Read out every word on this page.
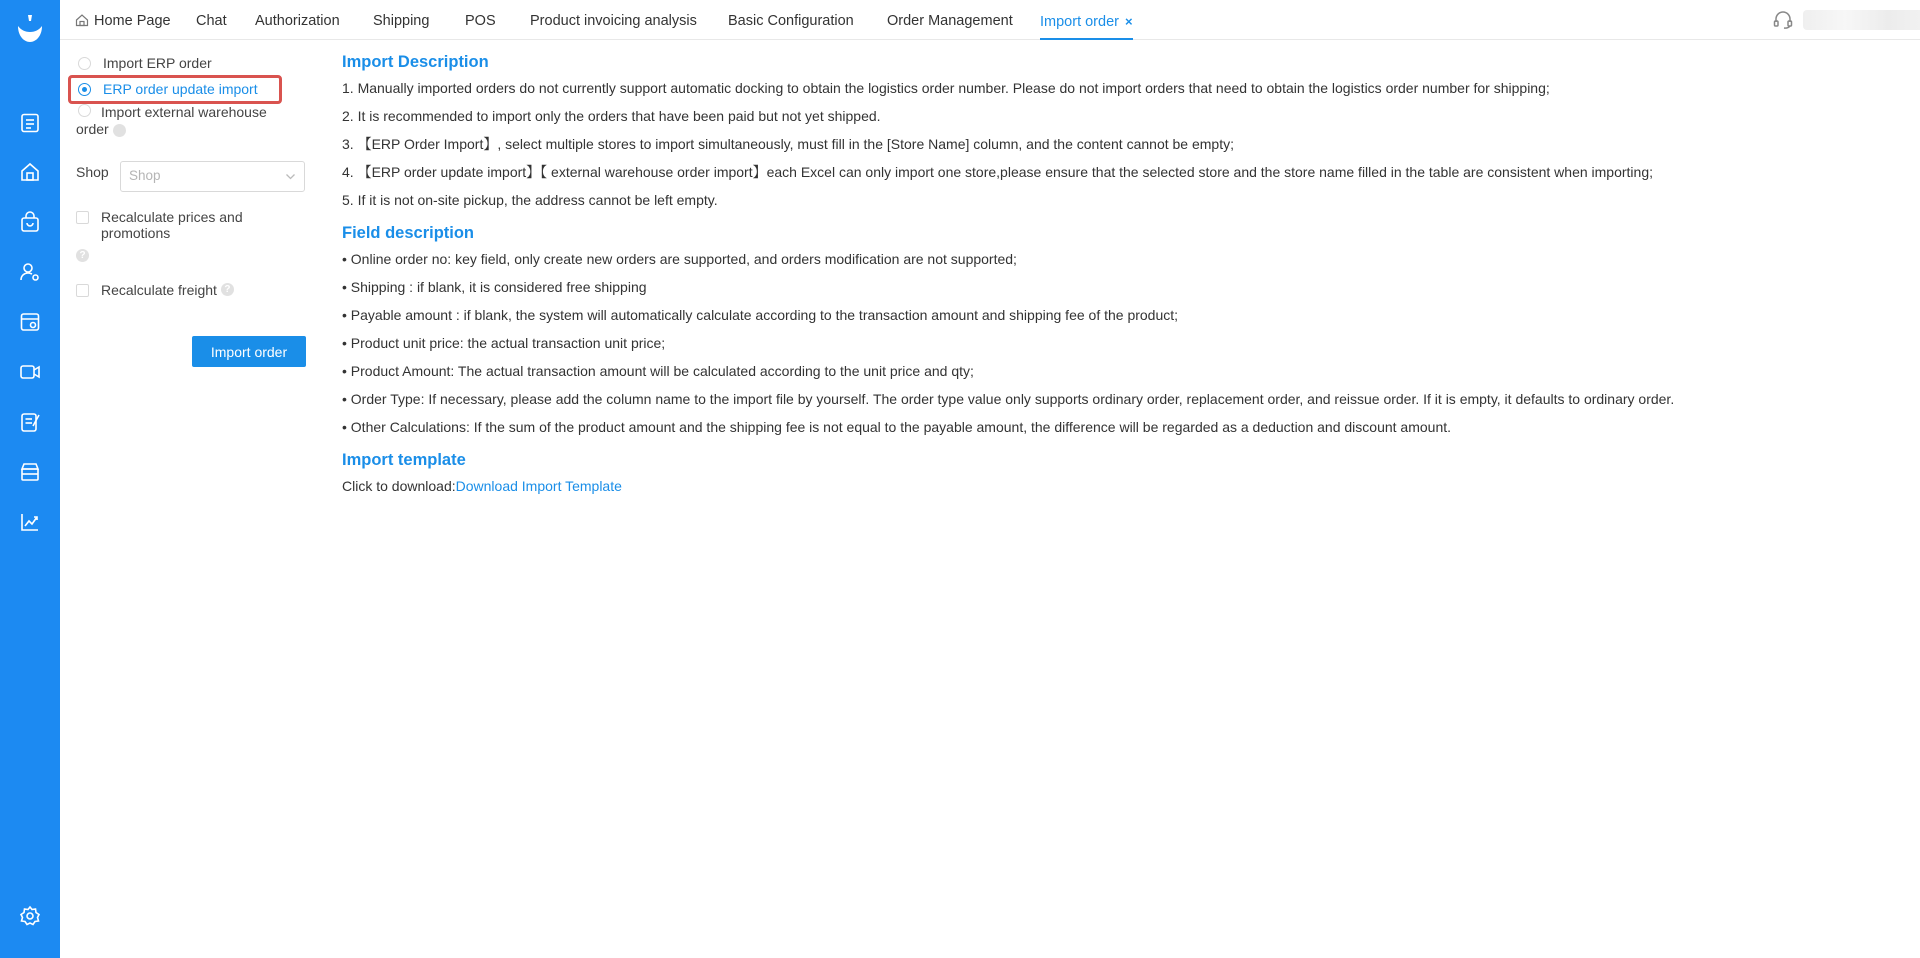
Home Page Chat Authorization Shipping POS Product invoicing analysis Basic Configuration Order Management Import order ×
Import ERP order
ERP order update import
Import external warehouse order	?
Shop	Shop
Recalculate prices and promotions
?
Recalculate freight ?
Import order
Import Description
1. Manually imported orders do not currently support automatic docking to obtain the logistics order number. Please do not import orders that need to obtain the logistics order number for shipping;
2. It is recommended to import only the orders that have been paid but not yet shipped.
3. 【ERP Order Import】, select multiple stores to import simultaneously, must fill in the [Store Name] column, and the content cannot be empty;
4. 【ERP order update import】【 external warehouse order import】each Excel can only import one store,please ensure that the selected store and the store name filled in the table are consistent when importing;
5. If it is not on-site pickup, the address cannot be left empty.
Field description
• Online order no: key field, only create new orders are supported, and orders modification are not supported;
• Shipping : if blank, it is considered free shipping
• Payable amount : if blank, the system will automatically calculate according to the transaction amount and shipping fee of the product;
• Product unit price: the actual transaction unit price;
• Product Amount: The actual transaction amount will be calculated according to the unit price and qty;
• Order Type: If necessary, please add the column name to the import file by yourself. The order type value only supports ordinary order, replacement order, and reissue order. If it is empty, it defaults to ordinary order.
• Other Calculations: If the sum of the product amount and the shipping fee is not equal to the payable amount, the difference will be regarded as a deduction and discount amount.
Import template
Click to download:Download Import Template
